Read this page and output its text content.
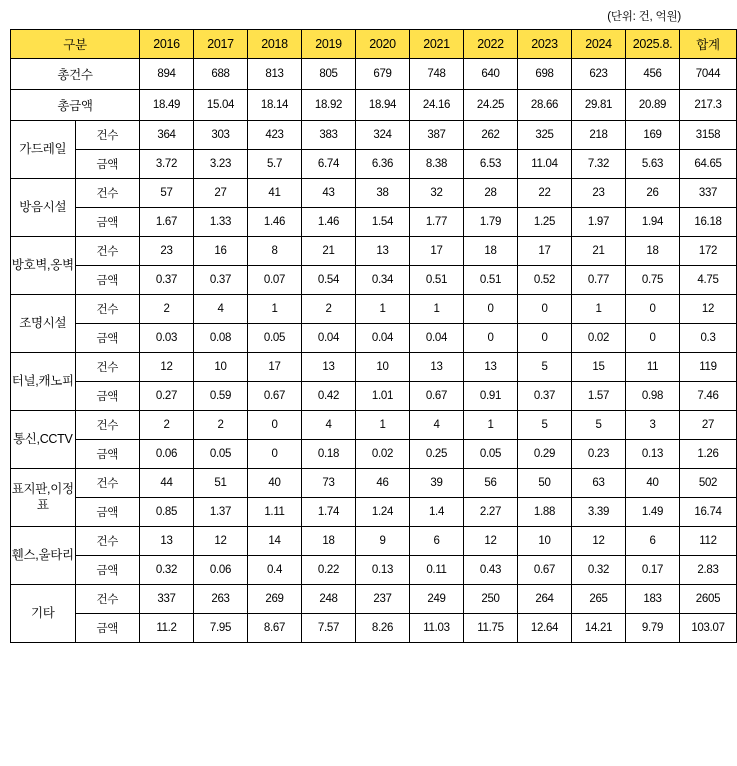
(단위: 건, 억원)
구분		2016	2017	2018	2019	2020	2021	2022	2023	2024	2025.8.	합계
총건수		894	688	813	805	679	748	640	698	623	456	7044
총금액		18.49	15.04	18.14	18.92	18.94	24.16	24.25	28.66	29.81	20.89	217.3
가드레일	건수	364	303	423	383	324	387	262	325	218	169	3158
	금액	3.72	3.23	5.7	6.74	6.36	8.38	6.53	11.04	7.32	5.63	64.65
방음시설	건수	57	27	41	43	38	32	28	22	23	26	337
	금액	1.67	1.33	1.46	1.46	1.54	1.77	1.79	1.25	1.97	1.94	16.18
방호벽,옹벽	건수	23	16	8	21	13	17	18	17	21	18	172
	금액	0.37	0.37	0.07	0.54	0.34	0.51	0.51	0.52	0.77	0.75	4.75
조명시설	건수	2	4	1	2	1	1	0	0	1	0	12
	금액	0.03	0.08	0.05	0.04	0.04	0.04	0	0	0.02	0	0.3
터널,캐노피	건수	12	10	17	13	10	13	13	5	15	11	119
	금액	0.27	0.59	0.67	0.42	1.01	0.67	0.91	0.37	1.57	0.98	7.46
통신,CCTV	건수	2	2	0	4	1	4	1	5	5	3	27
	금액	0.06	0.05	0	0.18	0.02	0.25	0.05	0.29	0.23	0.13	1.26
표지판,이정표	건수	44	51	40	73	46	39	56	50	63	40	502
	금액	0.85	1.37	1.11	1.74	1.24	1.4	2.27	1.88	3.39	1.49	16.74
휀스,울타리	건수	13	12	14	18	9	6	12	10	12	6	112
	금액	0.32	0.06	0.4	0.22	0.13	0.11	0.43	0.67	0.32	0.17	2.83
기타	건수	337	263	269	248	237	249	250	264	265	183	2605
	금액	11.2	7.95	8.67	7.57	8.26	11.03	11.75	12.64	14.21	9.79	103.07
